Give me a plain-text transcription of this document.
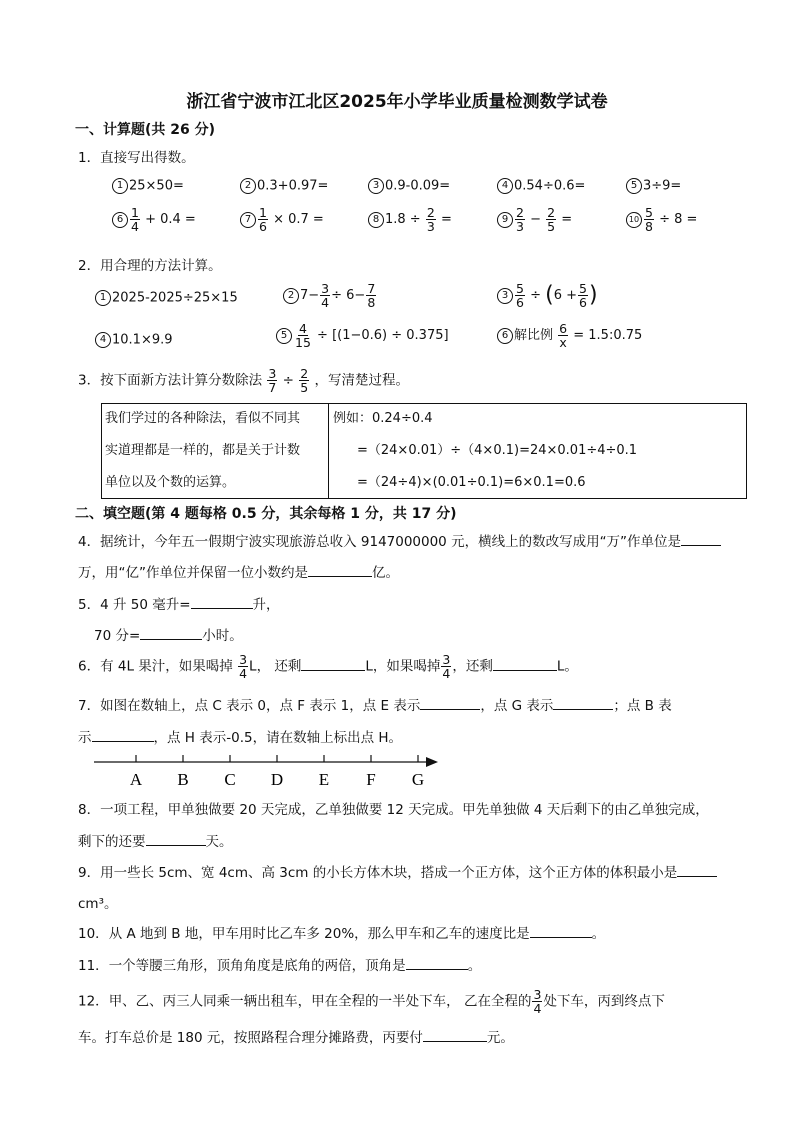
浙江省宁波市江北区2025年小学毕业质量检测数学试卷
一、计算题(共 26 分)
1．直接写出得数。
1 25×50=	2 0.3+0.97=	3 0.9-0.09=	4 0.54÷0.6=	5 3÷9=
$6 \frac{1}{4} + 0.4$ =	$7 \frac{1}{6} \times 0.7$ =	8 $1.8 \div \frac{2}{3}$ =	$9 \frac{2}{3} - \frac{2}{5}$ =	$10 \frac{5}{8} \div 8$ =
2．用合理的方法计算。
1 2025-2025÷25×15	2 $7- \frac{3}{4} \div 6- \frac{7}{8}$	$3 \frac{5}{6} \div (6 + \frac{5}{6}$ )
4 10.1×9.9	$5 \frac{4}{15} \div [(1-0.6) \div 0.375]$	6 解比例 $\frac{6}{x}$ = 1.5:0.75
3．按下面新方法计算分数除法 $\frac{3}{7} \div \frac{2}{5}$ ，写清楚过程。
我们学过的各种除法，看似不同其
实道理都是一样的，都是关于计数
单位以及个数的运算。

例如：0.24÷0.4
=（24×0.01）÷（4×0.1)=24×0.01÷4÷0.1
=（24÷4)×(0.01÷0.1)=6×0.1=0.6
二、填空题(第 4 题每格 0.5 分，其余每格 1 分，共 17 分)
4．据统计，今年五一假期宁波实现旅游总收入 9147000000 元，横线上的数改写成用“万”作单位是
万，用“亿”作单位并保留一位小数约是	亿。
5．4 升 50 毫升=	升，
70 分=	小时。
6．有 4L 果汁，如果喝掉 $\frac{3}{4}$ L， 还剩	L，如果喝掉 $\frac{3}{4}$ ，还剩	L。
7．如图在数轴上，点 C 表示 0，点 F 表示 1，点 E 表示	，点 G 表示	；点 B 表
示	，点 H 表示-0.5，请在数轴上标出点 H。
A B C D E F G
8．一项工程，甲单独做要 20 天完成，乙单独做要 12 天完成。甲先单独做 4 天后剩下的由乙单独完成，
剩下的还要	天。
9．用一些长 5cm、宽 4cm、高 3cm 的小长方体木块，搭成一个正方体，这个正方体的体积最小是
cm³。
10．从 A 地到 B 地，甲车用时比乙车多 20%，那么甲车和乙车的速度比是	。
11．一个等腰三角形，顶角角度是底角的两倍，顶角是	。
12．甲、乙、丙三人同乘一辆出租车，甲在全程的一半处下车， 乙在全程的 $\frac{3}{4}$ 处下车，丙到终点下
车。打车总价是 180 元，按照路程合理分摊路费，丙要付	元。
